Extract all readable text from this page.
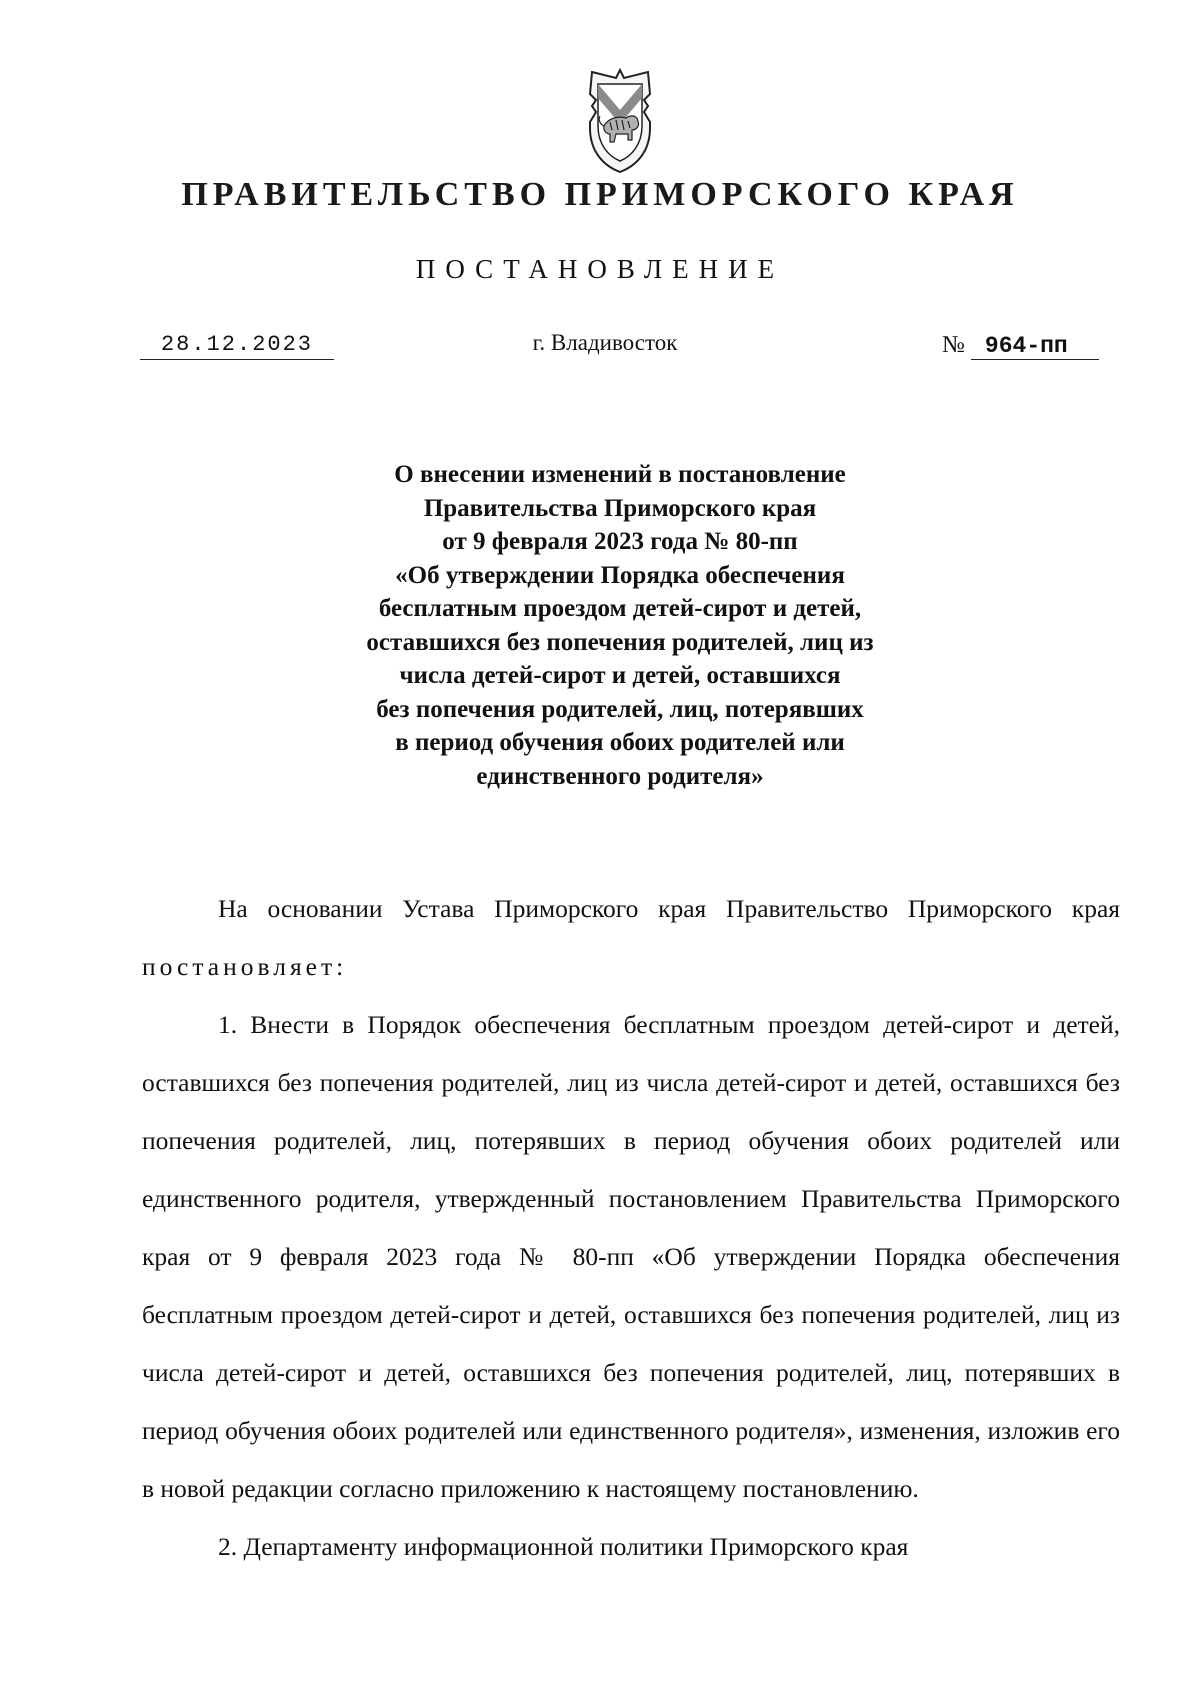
ПРАВИТЕЛЬСТВО ПРИМОРСКОГО КРАЯ
ПОСТАНОВЛЕНИЕ
28.12.2023	г. Владивосток	№ 964-пп
О внесении изменений в постановление
Правительства Приморского края
от 9 февраля 2023 года № 80-пп
«Об утверждении Порядка обеспечения
бесплатным проездом детей-сирот и детей,
оставшихся без попечения родителей, лиц из
числа детей-сирот и детей, оставшихся
без попечения родителей, лиц, потерявших
в период обучения обоих родителей или
единственного родителя»

На основании Устава Приморского края Правительство Приморского края постановляет:

1. Внести в Порядок обеспечения бесплатным проездом детей-сирот и детей, оставшихся без попечения родителей, лиц из числа детей-сирот и детей, оставшихся без попечения родителей, лиц, потерявших в период обучения обоих родителей или единственного родителя, утвержденный постановлением Правительства Приморского края от 9 февраля 2023 года № 80-пп «Об утверждении Порядка обеспечения бесплатным проездом детей-сирот и детей, оставшихся без попечения родителей, лиц из числа детей-сирот и детей, оставшихся без попечения родителей, лиц, потерявших в период обучения обоих родителей или единственного родителя», изменения, изложив его в новой редакции согласно приложению к настоящему постановлению.

2. Департаменту информационной политики Приморского края
